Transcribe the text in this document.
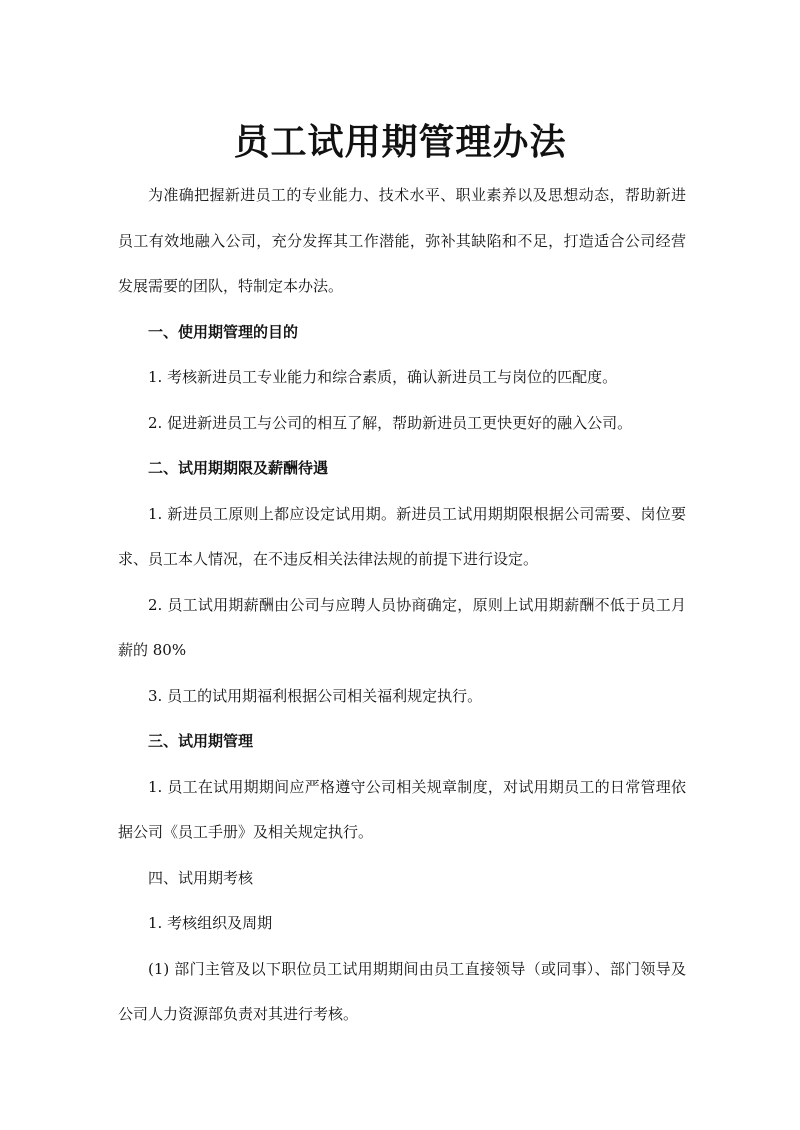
员工试用期管理办法

为准确把握新进员工的专业能力、技术水平、职业素养以及思想动态，帮助新进员工有效地融入公司，充分发挥其工作潜能，弥补其缺陷和不足，打造适合公司经营发展需要的团队，特制定本办法。

一、使用期管理的目的

1. 考核新进员工专业能力和综合素质，确认新进员工与岗位的匹配度。

2. 促进新进员工与公司的相互了解，帮助新进员工更快更好的融入公司。

二、试用期期限及薪酬待遇

1. 新进员工原则上都应设定试用期。新进员工试用期期限根据公司需要、岗位要求、员工本人情况，在不违反相关法律法规的前提下进行设定。

2. 员工试用期薪酬由公司与应聘人员协商确定，原则上试用期薪酬不低于员工月薪的 80%

3. 员工的试用期福利根据公司相关福利规定执行。

三、试用期管理

1. 员工在试用期期间应严格遵守公司相关规章制度，对试用期员工的日常管理依据公司《员工手册》及相关规定执行。

四、试用期考核

1. 考核组织及周期

(1) 部门主管及以下职位员工试用期期间由员工直接领导（或同事）、部门领导及公司人力资源部负责对其进行考核。
